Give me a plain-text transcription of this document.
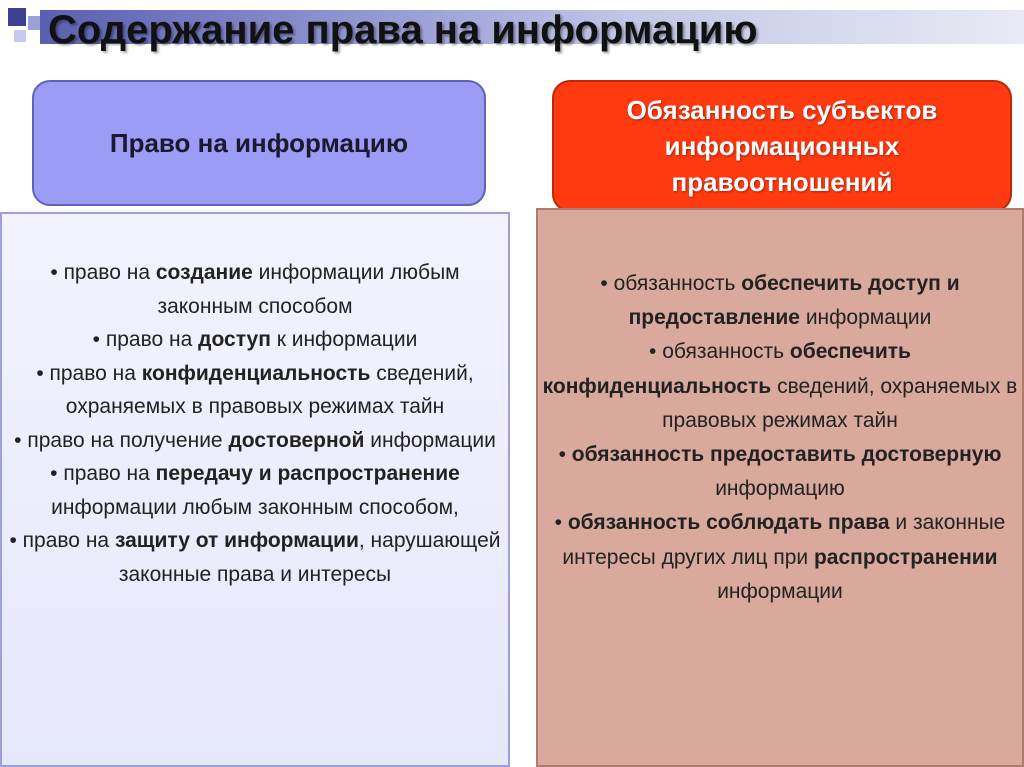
Содержание права на информацию
Право на информацию
Обязанность субъектов
информационных
правоотношений
• право на создание информации любым законным способом
• право на доступ к информации
• право на конфиденциальность сведений, охраняемых в правовых режимах тайн
• право на получение достоверной информации
• право на передачу и распространение информации любым законным способом,
• право на защиту от информации, нарушающей законные права и интересы
• обязанность обеспечить доступ и предоставление информации
• обязанность обеспечить конфиденциальность сведений, охраняемых в правовых режимах тайн
• обязанность предоставить достоверную информацию
• обязанность соблюдать права и законные интересы других лиц при распространении информации
